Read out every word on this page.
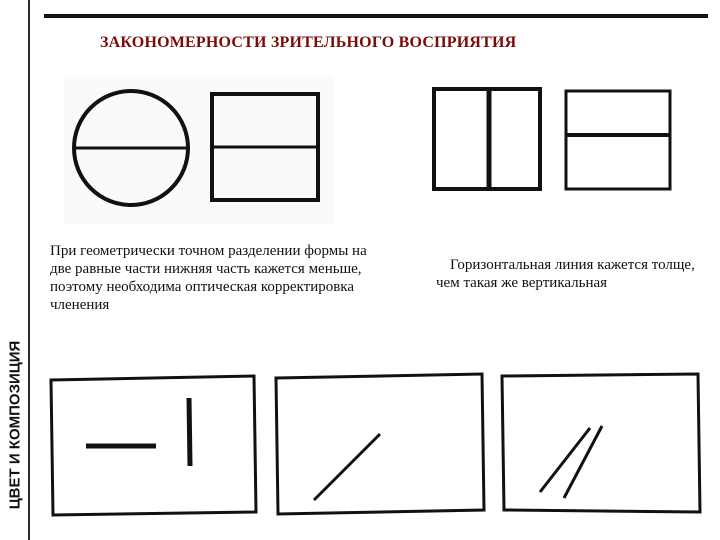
ЦВЕТ И КОМПОЗИЦИЯ
ЗАКОНОМЕРНОСТИ ЗРИТЕЛЬНОГО ВОСПРИЯТИЯ
При геометрически точном разделении формы на две равные части нижняя часть кажется меньше, поэтому необходима оптическая корректировка членения
Горизонтальная линия кажется толще, чем такая же вертикальная
